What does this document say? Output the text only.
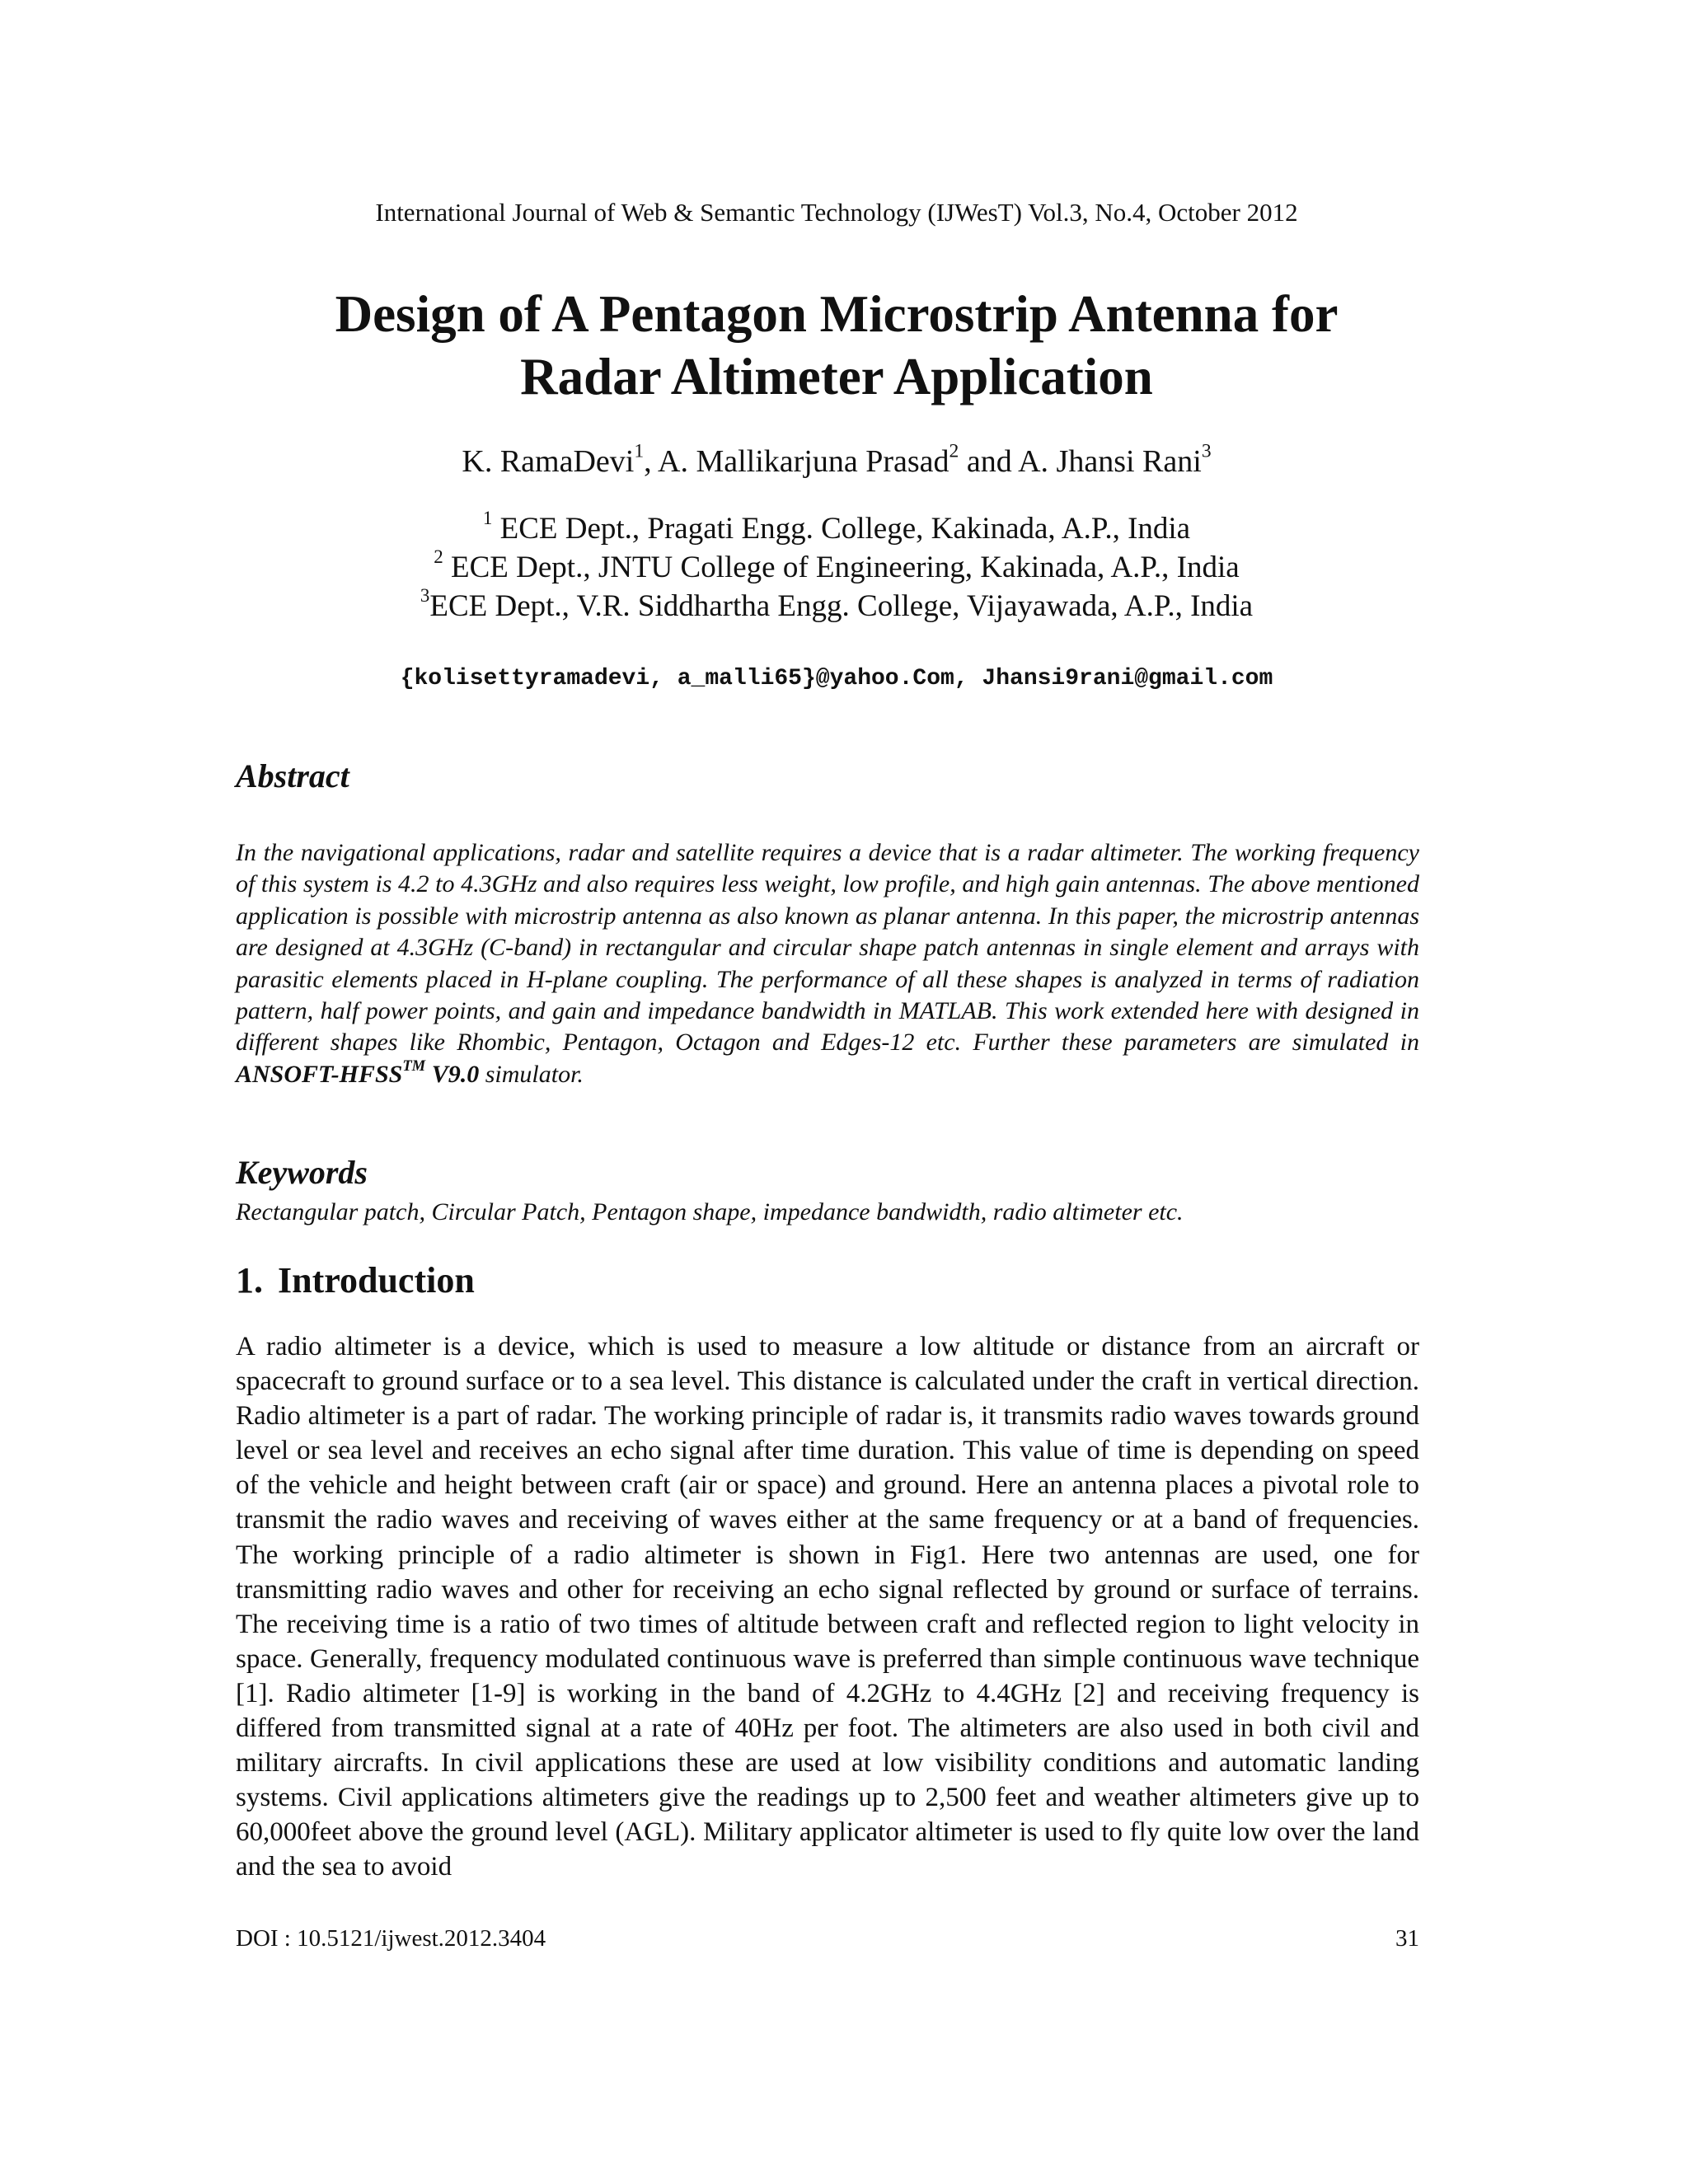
International Journal of Web & Semantic Technology (IJWesT) Vol.3, No.4, October 2012
Design of A Pentagon Microstrip Antenna for
Radar Altimeter Application
K. RamaDevi$^1$, A. Mallikarjuna Prasad$^2$ and A. Jhansi Rani$^3$
$^1$ ECE Dept., Pragati Engg. College, Kakinada, A.P., India
$^2$ ECE Dept., JNTU College of Engineering, Kakinada, A.P., India
$^3$ECE Dept., V.R. Siddhartha Engg. College, Vijayawada, A.P., India
{kolisettyramadevi, a_malli65}@yahoo.Com, Jhansi9rani@gmail.com
Abstract
In the navigational applications, radar and satellite requires a device that is a radar altimeter. The working frequency of this system is 4.2 to 4.3GHz and also requires less weight, low profile, and high gain antennas. The above mentioned application is possible with microstrip antenna as also known as planar antenna. In this paper, the microstrip antennas are designed at 4.3GHz (C-band) in rectangular and circular shape patch antennas in single element and arrays with parasitic elements placed in H-plane coupling. The performance of all these shapes is analyzed in terms of radiation pattern, half power points, and gain and impedance bandwidth in MATLAB. This work extended here with designed in different shapes like Rhombic, Pentagon, Octagon and Edges-12 etc. Further these parameters are simulated in ANSOFT-HFSS™ V9.0 simulator.
Keywords
Rectangular patch, Circular Patch, Pentagon shape, impedance bandwidth, radio altimeter etc.
1. Introduction
A radio altimeter is a device, which is used to measure a low altitude or distance from an aircraft or spacecraft to ground surface or to a sea level. This distance is calculated under the craft in vertical direction. Radio altimeter is a part of radar. The working principle of radar is, it transmits radio waves towards ground level or sea level and receives an echo signal after time duration. This value of time is depending on speed of the vehicle and height between craft (air or space) and ground. Here an antenna places a pivotal role to transmit the radio waves and receiving of waves either at the same frequency or at a band of frequencies. The working principle of a radio altimeter is shown in Fig1. Here two antennas are used, one for transmitting radio waves and other for receiving an echo signal reflected by ground or surface of terrains. The receiving time is a ratio of two times of altitude between craft and reflected region to light velocity in space. Generally, frequency modulated continuous wave is preferred than simple continuous wave technique [1]. Radio altimeter [1-9] is working in the band of 4.2GHz to 4.4GHz [2] and receiving frequency is differed from transmitted signal at a rate of 40Hz per foot. The altimeters are also used in both civil and military aircrafts. In civil applications these are used at low visibility conditions and automatic landing systems. Civil applications altimeters give the readings up to 2,500 feet and weather altimeters give up to 60,000feet above the ground level (AGL). Military applicator altimeter is used to fly quite low over the land and the sea to avoid
DOI : 10.5121/ijwest.2012.3404	31
